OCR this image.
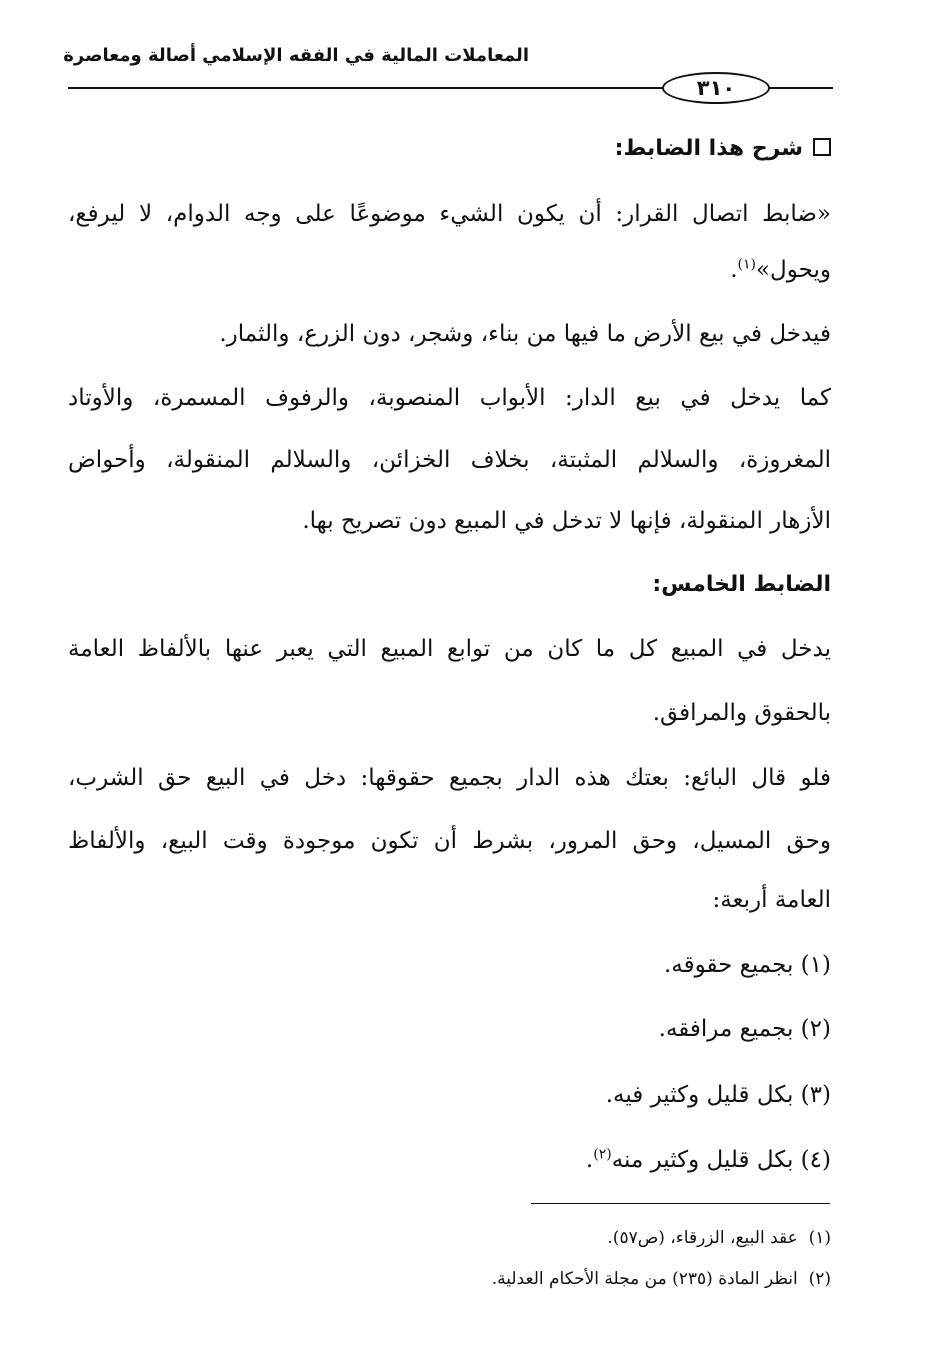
المعاملات المالية في الفقه الإسلامي أصالة ومعاصرة
٣١٠
شرح هذا الضابط:
«ضابط اتصال القرار: أن يكون الشيء موضوعًا على وجه الدوام، لا ليرفع،
ويحول»$^{(١)}$.
فيدخل في بيع الأرض ما فيها من بناء، وشجر، دون الزرع، والثمار.
كما يدخل في بيع الدار: الأبواب المنصوبة، والرفوف المسمرة، والأوتاد
المغروزة، والسلالم المثبتة، بخلاف الخزائن، والسلالم المنقولة، وأحواض
الأزهار المنقولة، فإنها لا تدخل في المبيع دون تصريح بها.
الضابط الخامس:
يدخل في المبيع كل ما كان من توابع المبيع التي يعبر عنها بالألفاظ العامة
بالحقوق والمرافق.
فلو قال البائع: بعتك هذه الدار بجميع حقوقها: دخل في البيع حق الشرب،
وحق المسيل، وحق المرور، بشرط أن تكون موجودة وقت البيع، والألفاظ
العامة أربعة:
(١) بجميع حقوقه.
(٢) بجميع مرافقه.
(٣) بكل قليل وكثير فيه.
(٤) بكل قليل وكثير منه$^{(٢)}$.
(١)  عقد البيع، الزرقاء، (ص٥٧).
(٢)  انظر المادة (٢٣٥) من مجلة الأحكام العدلية.
